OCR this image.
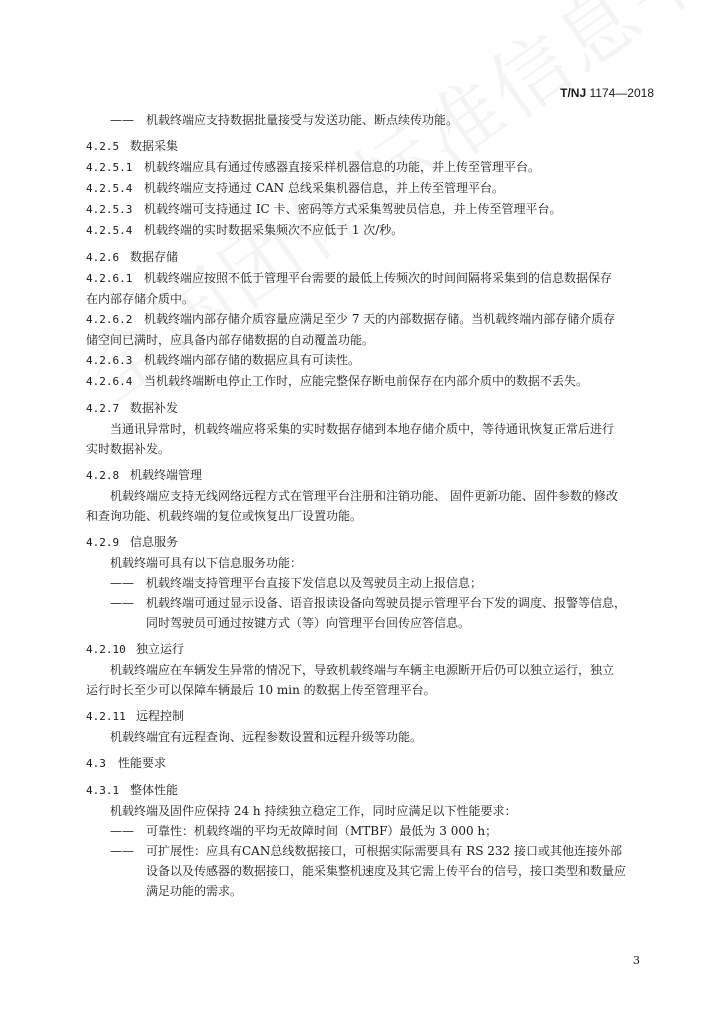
T/NJ 1174—2018
—— 机载终端应支持数据批量接受与发送功能、断点续传功能。
4.2.5 数据采集
4.2.5.1 机载终端应具有通过传感器直接采样机器信息的功能，并上传至管理平台。
4.2.5.4 机载终端应支持通过 CAN 总线采集机器信息，并上传至管理平台。
4.2.5.3 机载终端可支持通过 IC 卡、密码等方式采集驾驶员信息，并上传至管理平台。
4.2.5.4 机载终端的实时数据采集频次不应低于 1 次/秒。
4.2.6 数据存储
4.2.6.1 机载终端应按照不低于管理平台需要的最低上传频次的时间间隔将采集到的信息数据保存
在内部存储介质中。
4.2.6.2 机载终端内部存储介质容量应满足至少 7 天的内部数据存储。当机载终端内部存储介质存
储空间已满时，应具备内部存储数据的自动覆盖功能。
4.2.6.3 机载终端内部存储的数据应具有可读性。
4.2.6.4 当机载终端断电停止工作时，应能完整保存断电前保存在内部介质中的数据不丢失。
4.2.7 数据补发
当通讯异常时，机载终端应将采集的实时数据存储到本地存储介质中，等待通讯恢复正常后进行
实时数据补发。
4.2.8 机载终端管理
机载终端应支持无线网络远程方式在管理平台注册和注销功能、 固件更新功能、固件参数的修改
和查询功能、机载终端的复位或恢复出厂设置功能。
4.2.9 信息服务
机载终端可具有以下信息服务功能：
—— 机载终端支持管理平台直接下发信息以及驾驶员主动上报信息；
—— 机载终端可通过显示设备、语音报读设备向驾驶员提示管理平台下发的调度、报警等信息，
同时驾驶员可通过按键方式（等）向管理平台回传应答信息。
4.2.10 独立运行
机载终端应在车辆发生异常的情况下，导致机载终端与车辆主电源断开后仍可以独立运行，独立
运行时长至少可以保障车辆最后 10 min 的数据上传至管理平台。
4.2.11 远程控制
机载终端宜有远程查询、远程参数设置和远程升级等功能。
4.3 性能要求
4.3.1 整体性能
机载终端及固件应保持 24 h 持续独立稳定工作，同时应满足以下性能要求：
—— 可靠性：机载终端的平均无故障时间（MTBF）最低为 3 000 h；
—— 可扩展性：应具有CAN总线数据接口，可根据实际需要具有 RS 232 接口或其他连接外部
设备以及传感器的数据接口，能采集整机速度及其它需上传平台的信号，接口类型和数量应
满足功能的需求。
3
